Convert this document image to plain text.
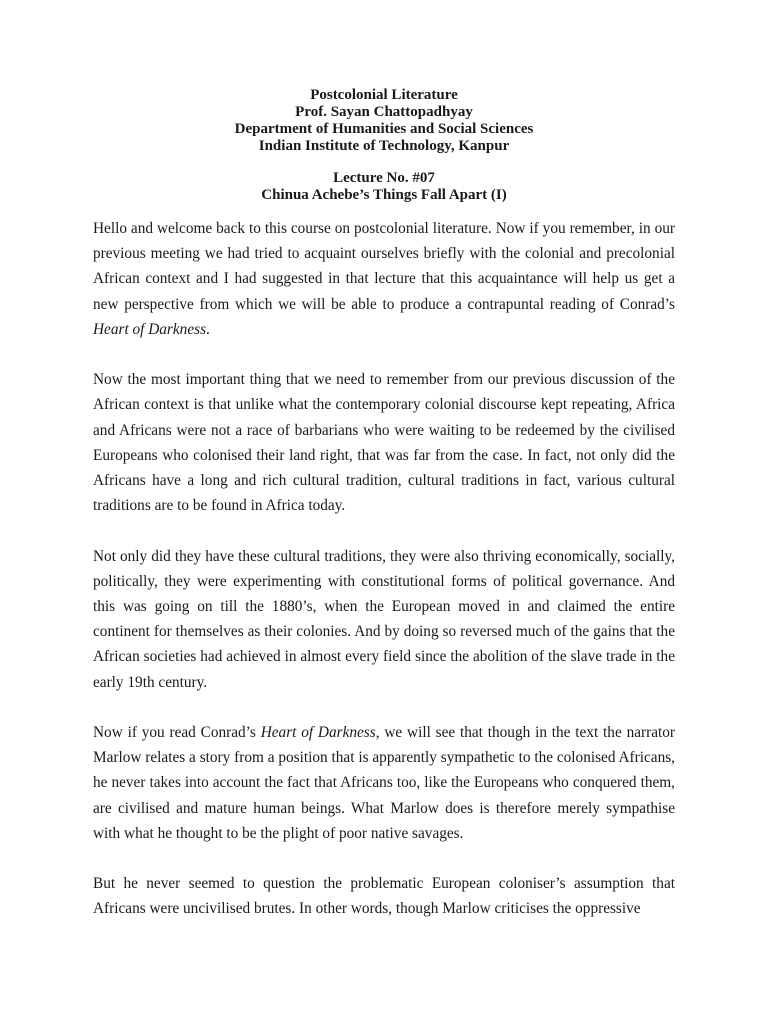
Postcolonial Literature
Prof. Sayan Chattopadhyay
Department of Humanities and Social Sciences
Indian Institute of Technology, Kanpur
Lecture No. #07
Chinua Achebe’s Things Fall Apart (I)

Hello and welcome back to this course on postcolonial literature. Now if you remember, in our previous meeting we had tried to acquaint ourselves briefly with the colonial and precolonial African context and I had suggested in that lecture that this acquaintance will help us get a new perspective from which we will be able to produce a contrapuntal reading of Conrad’s Heart of Darkness.

Now the most important thing that we need to remember from our previous discussion of the African context is that unlike what the contemporary colonial discourse kept repeating, Africa and Africans were not a race of barbarians who were waiting to be redeemed by the civilised Europeans who colonised their land right, that was far from the case. In fact, not only did the Africans have a long and rich cultural tradition, cultural traditions in fact, various cultural traditions are to be found in Africa today.

Not only did they have these cultural traditions, they were also thriving economically, socially, politically, they were experimenting with constitutional forms of political governance. And this was going on till the 1880’s, when the European moved in and claimed the entire continent for themselves as their colonies. And by doing so reversed much of the gains that the African societies had achieved in almost every field since the abolition of the slave trade in the early 19th century.

Now if you read Conrad’s Heart of Darkness, we will see that though in the text the narrator Marlow relates a story from a position that is apparently sympathetic to the colonised Africans, he never takes into account the fact that Africans too, like the Europeans who conquered them, are civilised and mature human beings. What Marlow does is therefore merely sympathise with what he thought to be the plight of poor native savages.

But he never seemed to question the problematic European coloniser’s assumption that Africans were uncivilised brutes. In other words, though Marlow criticises the oppressive
